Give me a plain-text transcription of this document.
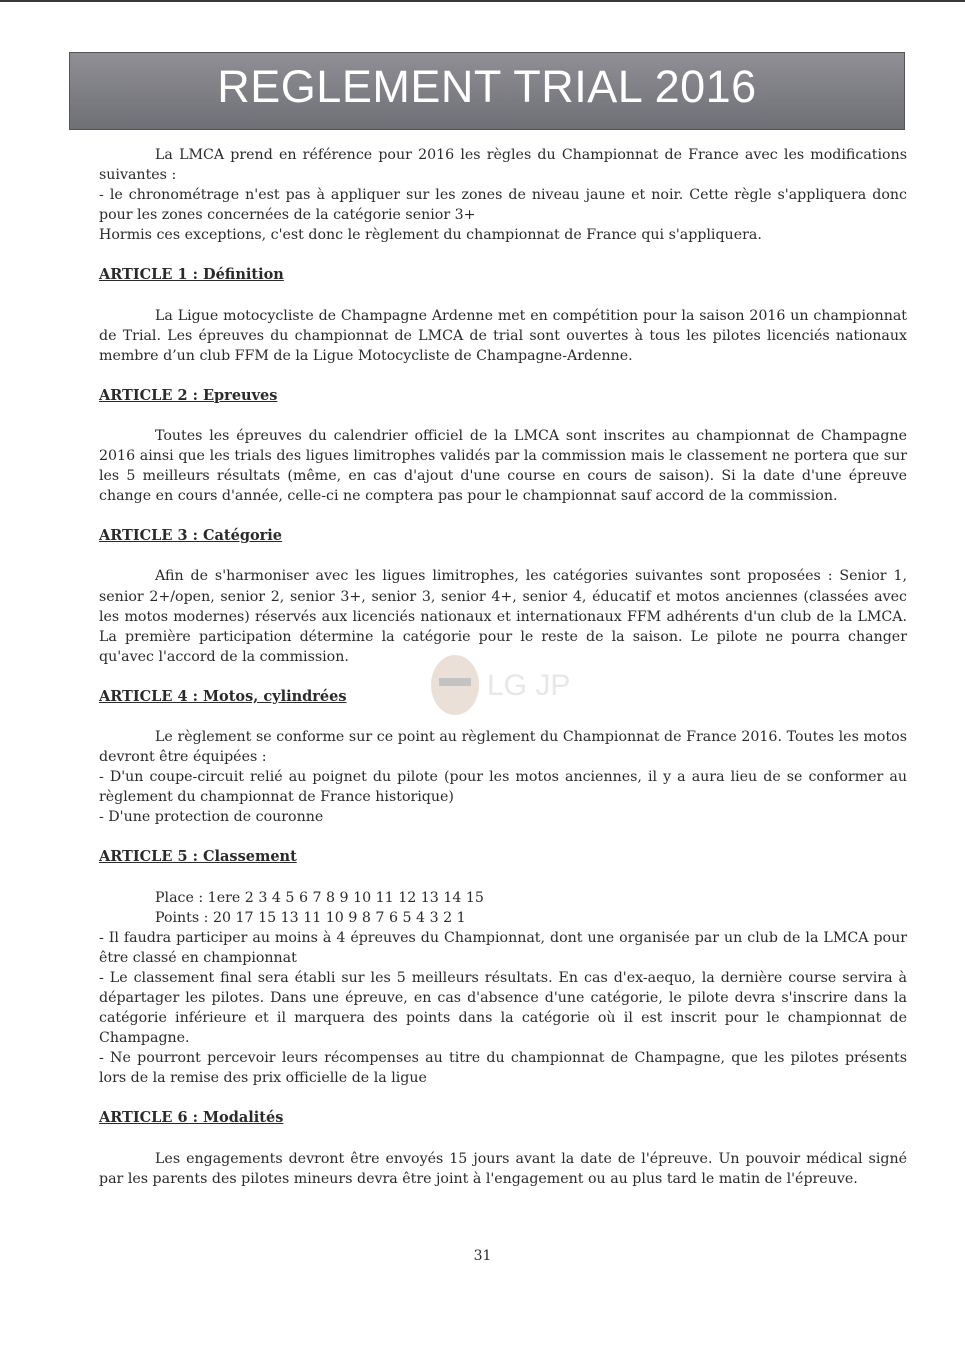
REGLEMENT TRIAL 2016

La LMCA prend en référence pour 2016 les règles du Championnat de France avec les modifications suivantes :

- le chronométrage n'est pas à appliquer sur les zones de niveau jaune et noir. Cette règle s'appliquera donc pour les zones concernées de la catégorie senior 3+

Hormis ces exceptions, c'est donc le règlement du championnat de France qui s'appliquera.

ARTICLE 1 : Définition

La Ligue motocycliste de Champagne Ardenne met en compétition pour la saison 2016 un championnat de Trial. Les épreuves du championnat de LMCA de trial sont ouvertes à tous les pilotes licenciés nationaux membre d’un club FFM de la Ligue Motocycliste de Champagne-Ardenne.

ARTICLE 2 : Epreuves

Toutes les épreuves du calendrier officiel de la LMCA sont inscrites au championnat de Champagne 2016 ainsi que les trials des ligues limitrophes validés par la commission mais le classement ne portera que sur les 5 meilleurs résultats (même, en cas d'ajout d'une course en cours de saison). Si la date d'une épreuve change en cours d'année, celle-ci ne comptera pas pour le championnat sauf accord de la commission.

ARTICLE 3 : Catégorie

Afin de s'harmoniser avec les ligues limitrophes, les catégories suivantes sont proposées : Senior 1, senior 2+/open, senior 2, senior 3+, senior 3, senior 4+, senior 4, éducatif et motos anciennes (classées avec les motos modernes) réservés aux licenciés nationaux et internationaux FFM adhérents d'un club de la LMCA. La première participation détermine la catégorie pour le reste de la saison. Le pilote ne pourra changer qu'avec l'accord de la commission.

ARTICLE 4 : Motos, cylindrées

Le règlement se conforme sur ce point au règlement du Championnat de France 2016. Toutes les motos devront être équipées :

- D'un coupe-circuit relié au poignet du pilote (pour les motos anciennes, il y a aura lieu de se conformer au règlement du championnat de France historique)

- D'une protection de couronne

ARTICLE 5 : Classement

Place : 1ere 2 3 4 5 6 7 8 9 10 11 12 13 14 15

Points : 20 17 15 13 11 10 9 8 7 6 5 4 3 2 1

- Il faudra participer au moins à 4 épreuves du Championnat, dont une organisée par un club de la LMCA pour être classé en championnat

- Le classement final sera établi sur les 5 meilleurs résultats. En cas d'ex-aequo, la dernière course servira à départager les pilotes. Dans une épreuve, en cas d'absence d'une catégorie, le pilote devra s'inscrire dans la catégorie inférieure et il marquera des points dans la catégorie où il est inscrit pour le championnat de Champagne.

- Ne pourront percevoir leurs récompenses au titre du championnat de Champagne, que les pilotes présents lors de la remise des prix officielle de la ligue

ARTICLE 6 : Modalités

Les engagements devront être envoyés 15 jours avant la date de l'épreuve. Un pouvoir médical signé par les parents des pilotes mineurs devra être joint à l'engagement ou au plus tard le matin de l'épreuve.

LG JP
31
